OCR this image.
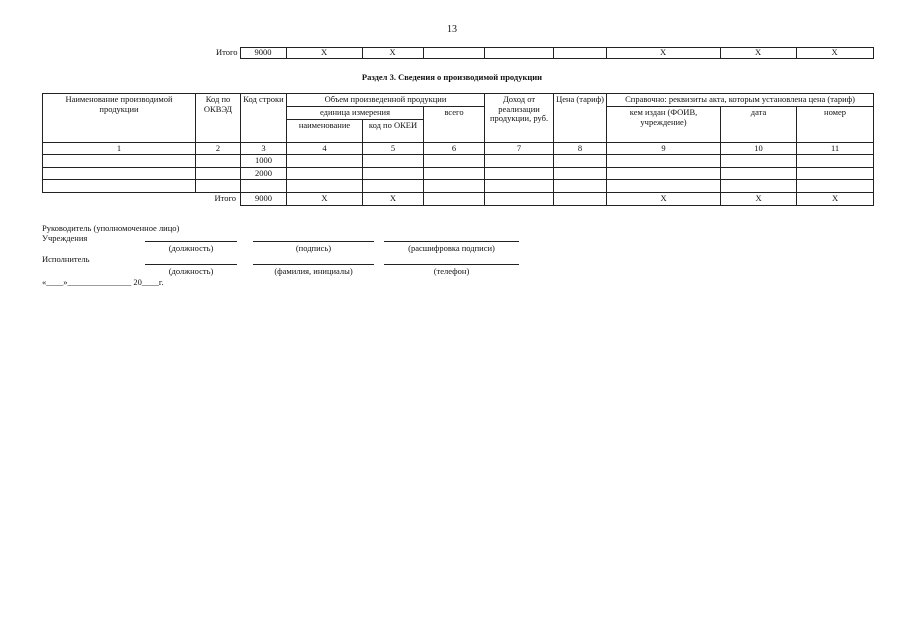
13
Итого	9000	X	X				X	X	X
Раздел 3. Сведения о производимой продукции
Наименование производимой продукции	Код по ОКВЭД	Код строки	Объем произведенной продукции			Доход от реализации продукции, руб.	Цена (тариф)	Справочно: реквизиты акта, которым установлена цена (тариф)		
			единица измерения		всего			кем издан (ФОИВ, учреждение)	дата	номер
			наименование	код по ОКЕИ						
1	2	3	4	5	6	7	8	9	10	11
		1000								
		2000								

Итого		9000	X	X				X	X	X
Руководитель (уполномоченное лицо)
Учреждения
(должность)	(подпись)	(расшифровка подписи)
Исполнитель
(должность)	(фамилия, инициалы)	(телефон)
«____»_______________ 20____г.
